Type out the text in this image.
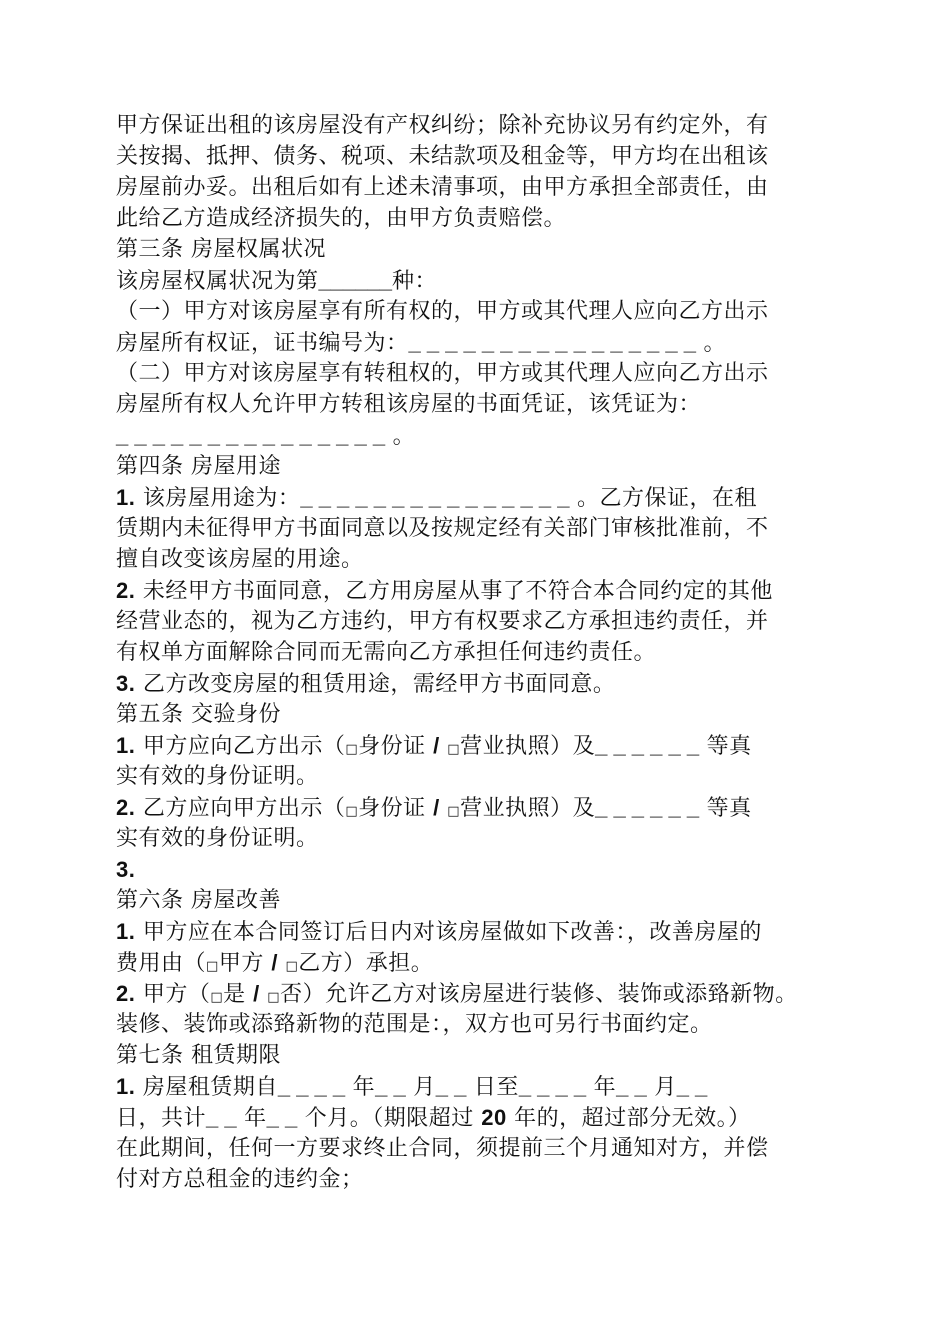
甲方保证出租的该房屋没有产权纠纷；除补充协议另有约定外，有
关按揭、抵押、债务、税项、未结款项及租金等，甲方均在出租该
房屋前办妥。出租后如有上述未清事项，由甲方承担全部责任，由
此给乙方造成经济损失的，由甲方负责赔偿。
第三条 房屋权属状况
该房屋权属状况为第______种：
（一）甲方对该房屋享有所有权的，甲方或其代理人应向乙方出示
房屋所有权证，证书编号为：_ _ _ _ _ _ _ _ _ _ _ _ _ _ _ _ 。
（二）甲方对该房屋享有转租权的，甲方或其代理人应向乙方出示
房屋所有权人允许甲方转租该房屋的书面凭证，该凭证为：
_ _ _ _ _ _ _ _ _ _ _ _ _ _ _ 。
第四条 房屋用途
1. 该房屋用途为：_ _ _ _ _ _ _ _ _ _ _ _ _ _ _ 。乙方保证，在租
赁期内未征得甲方书面同意以及按规定经有关部门审核批准前，不
擅自改变该房屋的用途。
2. 未经甲方书面同意，乙方用房屋从事了不符合本合同约定的其他
经营业态的，视为乙方违约，甲方有权要求乙方承担违约责任，并
有权单方面解除合同而无需向乙方承担任何违约责任。
3. 乙方改变房屋的租赁用途，需经甲方书面同意。
第五条 交验身份
1. 甲方应向乙方出示（□身份证 / □营业执照）及_ _ _ _ _ _ 等真
实有效的身份证明。
2. 乙方应向甲方出示（□身份证 / □营业执照）及_ _ _ _ _ _ 等真
实有效的身份证明。
3.
第六条 房屋改善
1. 甲方应在本合同签订后日内对该房屋做如下改善：，改善房屋的
费用由（□甲方 / □乙方）承担。
2. 甲方（□是 / □否）允许乙方对该房屋进行装修、装饰或添臵新物。
装修、装饰或添臵新物的范围是：，双方也可另行书面约定。
第七条 租赁期限
1. 房屋租赁期自_ _ _ _ 年_ _ 月_ _ 日至_ _ _ _ 年_ _ 月_ _
日，共计_ _ 年_ _ 个月。（期限超过 20 年的，超过部分无效。）
在此期间，任何一方要求终止合同，须提前三个月通知对方，并偿
付对方总租金的违约金；
